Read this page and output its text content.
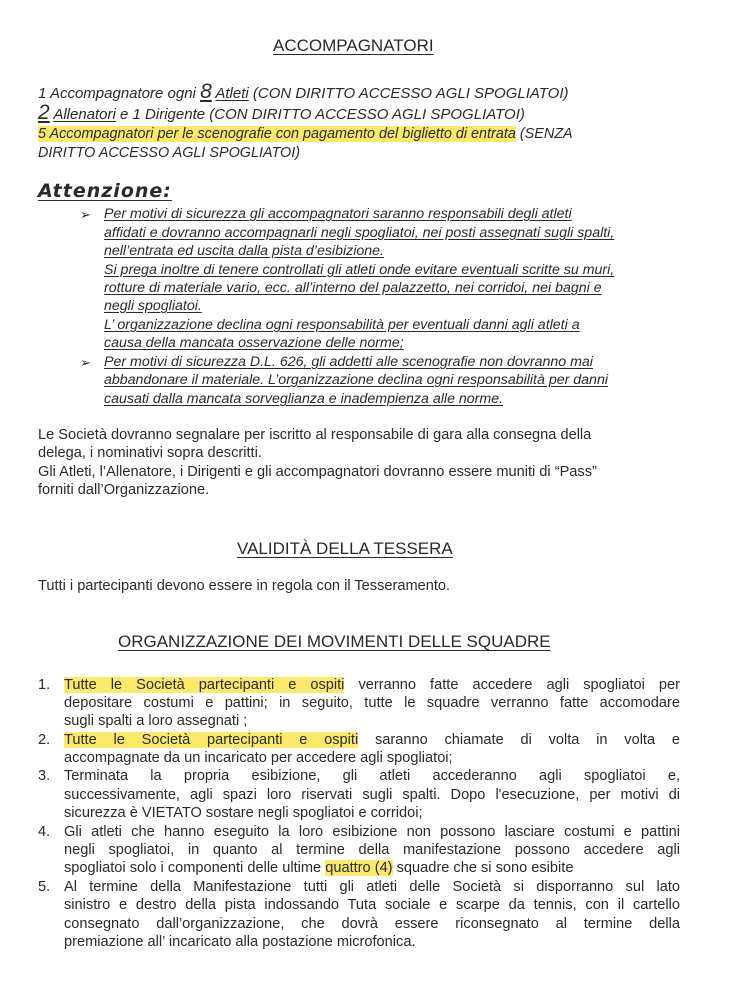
ACCOMPAGNATORI
1 Accompagnatore ogni 8 Atleti (CON DIRITTO ACCESSO AGLI SPOGLIATOI)
2 Allenatori e 1 Dirigente (CON DIRITTO ACCESSO AGLI SPOGLIATOI)
5 Accompagnatori per le scenografie con pagamento del biglietto di entrata (SENZA
DIRITTO ACCESSO AGLI SPOGLIATOI)
Attenzione:
➢ Per motivi di sicurezza gli accompagnatori saranno responsabili degli atleti
affidati e dovranno accompagnarli negli spogliatoi, nei posti assegnati sugli spalti,
nell’entrata ed uscita dalla pista d’esibizione.
Si prega inoltre di tenere controllati gli atleti onde evitare eventuali scritte su muri,
rotture di materiale vario, ecc. all’interno del palazzetto, nei corridoi, nei bagni e
negli spogliatoi.
L’ organizzazione declina ogni responsabilità per eventuali danni agli atleti a
causa della mancata osservazione delle norme;
➢ Per motivi di sicurezza D.L. 626, gli addetti alle scenografie non dovranno mai
abbandonare il materiale. L’organizzazione declina ogni responsabilità per danni
causati dalla mancata sorveglianza e inadempienza alle norme.
Le Società dovranno segnalare per iscritto al responsabile di gara alla consegna della
delega, i nominativi sopra descritti.
Gli Atleti, l’Allenatore, i Dirigenti e gli accompagnatori dovranno essere muniti di “Pass”
forniti dall’Organizzazione.
VALIDITÀ DELLA TESSERA
Tutti i partecipanti devono essere in regola con il Tesseramento.
ORGANIZZAZIONE DEI MOVIMENTI DELLE SQUADRE
1. Tutte le Società partecipanti e ospiti verranno fatte accedere agli spogliatoi per
depositare costumi e pattini; in seguito, tutte le squadre verranno fatte accomodare
sugli spalti a loro assegnati ;
2. Tutte le Società partecipanti e ospiti saranno chiamate di volta in volta e
accompagnate da un incaricato per accedere agli spogliatoi;
3. Terminata la propria esibizione, gli atleti accederanno agli spogliatoi e,
successivamente, agli spazi loro riservati sugli spalti. Dopo l'esecuzione, per motivi di
sicurezza è VIETATO sostare negli spogliatoi e corridoi;
4. Gli atleti che hanno eseguito la loro esibizione non possono lasciare costumi e pattini
negli spogliatoi, in quanto al termine della manifestazione possono accedere agli
spogliatoi solo i componenti delle ultime quattro (4) squadre che si sono esibite
5. Al termine della Manifestazione tutti gli atleti delle Società si disporranno sul lato
sinistro e destro della pista indossando Tuta sociale e scarpe da tennis, con il cartello
consegnato dall’organizzazione, che dovrà essere riconsegnato al termine della
premiazione all’ incaricato alla postazione microfonica.
